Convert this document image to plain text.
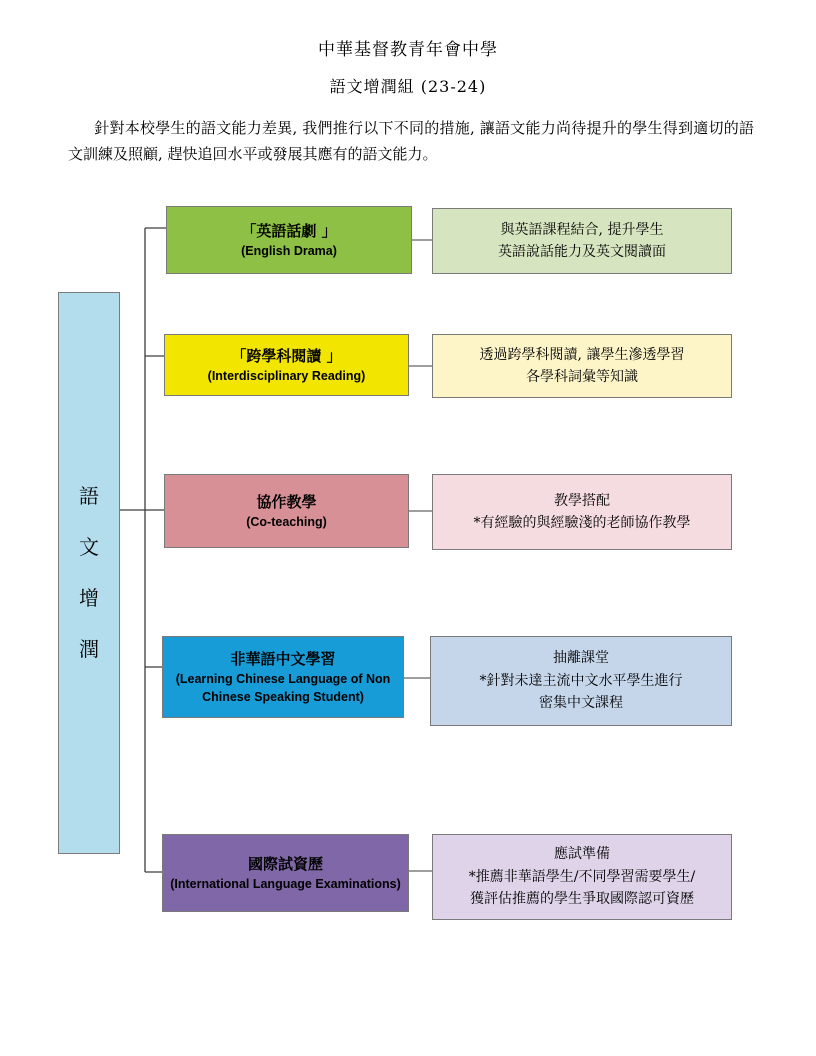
中華基督教青年會中學
語文增潤組 (23-24)
針對本校學生的語文能力差異, 我們推行以下不同的措施, 讓語文能力尚待提升的學生得到適切的語文訓練及照顧, 趕快追回水平或發展其應有的語文能力。
語
文
增
潤
「英語話劇 」
(English Drama)
與英語課程結合, 提升學生
英語說話能力及英文閱讀面
「跨學科閱讀 」
(Interdisciplinary Reading)
透過跨學科閱讀, 讓學生滲透學習
各學科詞彙等知識
協作教學
(Co-teaching)
教學搭配
*有經驗的與經驗淺的老師協作教學
非華語中文學習
(Learning Chinese Language of Non Chinese Speaking Student)
抽離課堂
*針對未達主流中文水平學生進行
密集中文課程
國際試資歷
(International Language Examinations)
應試準備
*推薦非華語學生/不同學習需要學生/
獲評估推薦的學生爭取國際認可資歷
